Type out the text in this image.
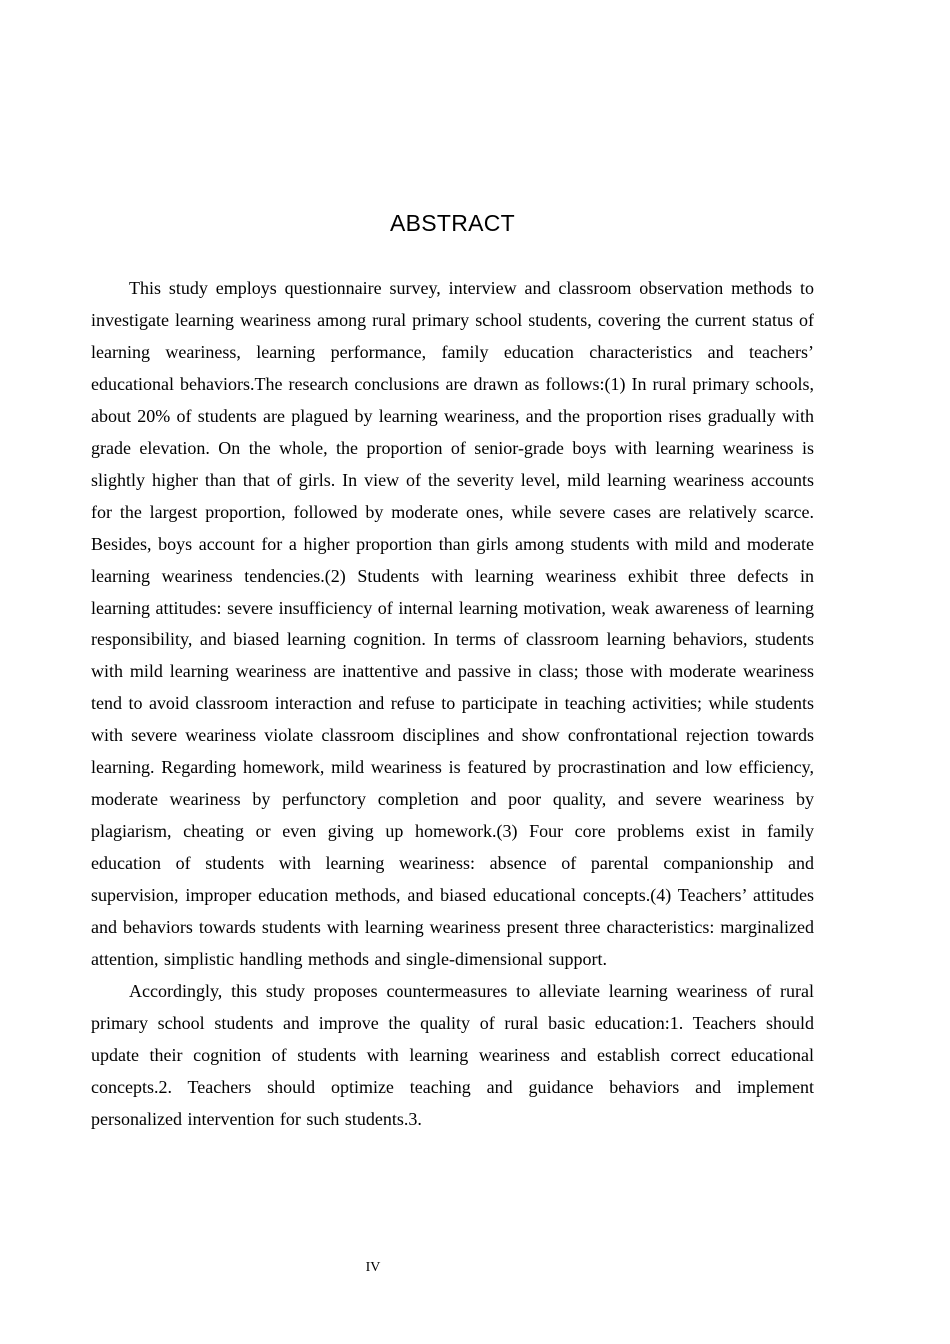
ABSTRACT

This study employs questionnaire survey, interview and classroom observation methods to investigate learning weariness among rural primary school students, covering the current status of learning weariness, learning performance, family education characteristics and teachers’ educational behaviors.The research conclusions are drawn as follows:(1) In rural primary schools, about 20% of students are plagued by learning weariness, and the proportion rises gradually with grade elevation. On the whole, the proportion of senior-grade boys with learning weariness is slightly higher than that of girls. In view of the severity level, mild learning weariness accounts for the largest proportion, followed by moderate ones, while severe cases are relatively scarce. Besides, boys account for a higher proportion than girls among students with mild and moderate learning weariness tendencies.(2) Students with learning weariness exhibit three defects in learning attitudes: severe insufficiency of internal learning motivation, weak awareness of learning responsibility, and biased learning cognition. In terms of classroom learning behaviors, students with mild learning weariness are inattentive and passive in class; those with moderate weariness tend to avoid classroom interaction and refuse to participate in teaching activities; while students with severe weariness violate classroom disciplines and show confrontational rejection towards learning. Regarding homework, mild weariness is featured by procrastination and low efficiency, moderate weariness by perfunctory completion and poor quality, and severe weariness by plagiarism, cheating or even giving up homework.(3) Four core problems exist in family education of students with learning weariness: absence of parental companionship and supervision, improper education methods, and biased educational concepts.(4) Teachers’ attitudes and behaviors towards students with learning weariness present three characteristics: marginalized attention, simplistic handling methods and single-dimensional support.

Accordingly, this study proposes countermeasures to alleviate learning weariness of rural primary school students and improve the quality of rural basic education:1. Teachers should update their cognition of students with learning weariness and establish correct educational concepts.2. Teachers should optimize teaching and guidance behaviors and implement personalized intervention for such students.3.

IV
